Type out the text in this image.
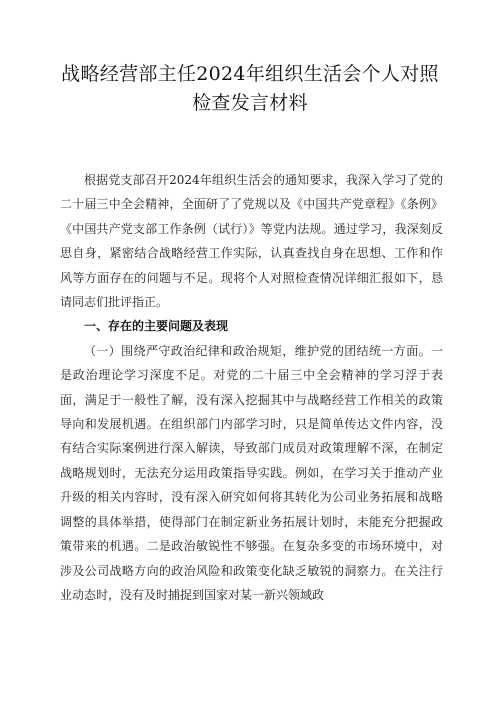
战略经营部主任2024年组织生活会个人对照检查发言材料

根据党支部召开2024年组织生活会的通知要求，我深入学习了党的二十届三中全会精神，全面研了了党规以及《中国共产党章程》《条例》《中国共产党支部工作条例（试行）》等党内法规。通过学习，我深刻反思自身，紧密结合战略经营工作实际，认真查找自身在思想、工作和作风等方面存在的问题与不足。现将个人对照检查情况详细汇报如下，恳请同志们批评指正。

一、存在的主要问题及表现

（一）围绕严守政治纪律和政治规矩，维护党的团结统一方面。一是政治理论学习深度不足。对党的二十届三中全会精神的学习浮于表面，满足于一般性了解，没有深入挖掘其中与战略经营工作相关的政策导向和发展机遇。在组织部门内部学习时，只是简单传达文件内容，没有结合实际案例进行深入解读，导致部门成员对政策理解不深，在制定战略规划时，无法充分运用政策指导实践。例如，在学习关于推动产业升级的相关内容时，没有深入研究如何将其转化为公司业务拓展和战略调整的具体举措，使得部门在制定新业务拓展计划时，未能充分把握政策带来的机遇。二是政治敏锐性不够强。在复杂多变的市场环境中，对涉及公司战略方向的政治风险和政策变化缺乏敏锐的洞察力。在关注行业动态时，没有及时捕捉到国家对某一新兴领域政
